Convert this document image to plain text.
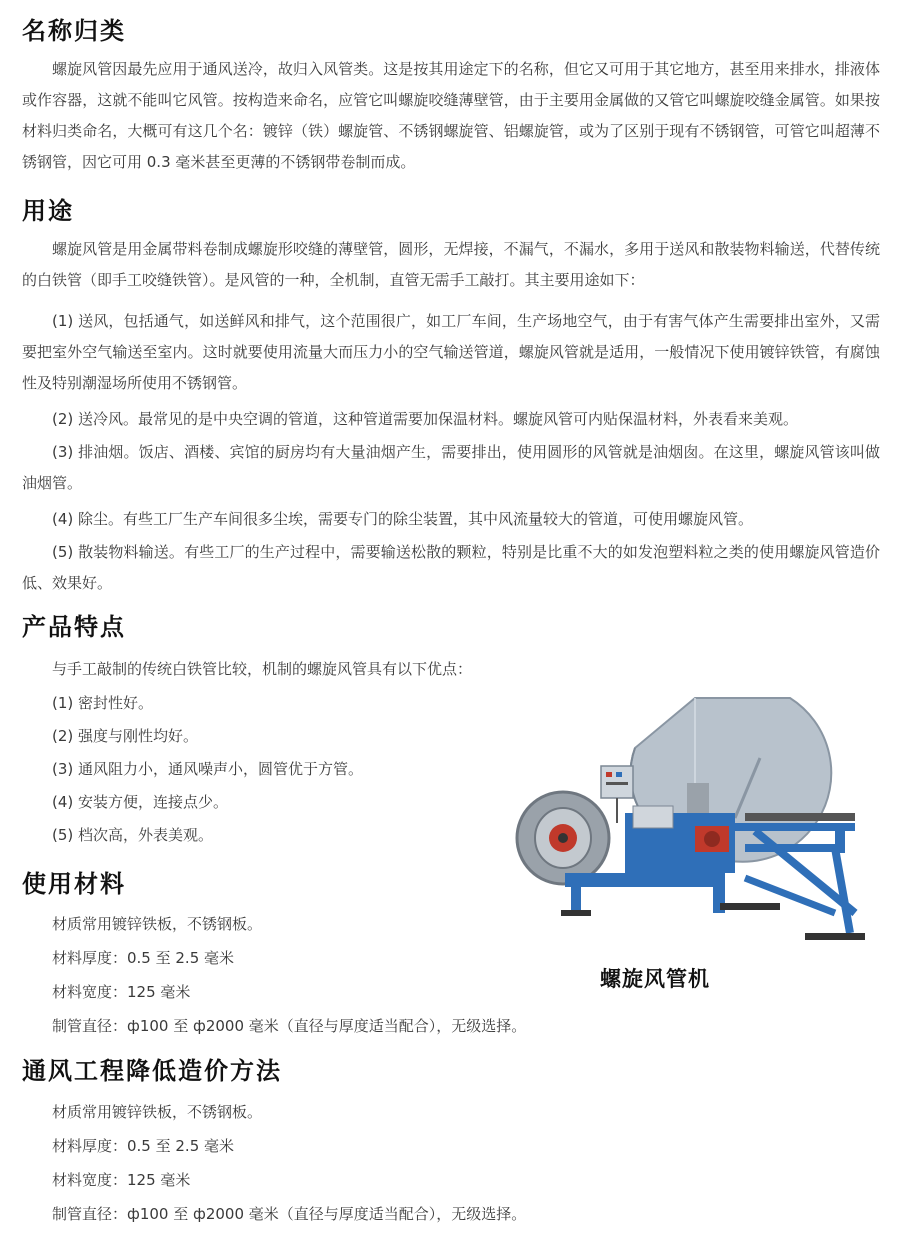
名称归类

螺旋风管因最先应用于通风送冷，故归入风管类。这是按其用途定下的名称，但它又可用于其它地方，甚至用来排水，排液体或作容器，这就不能叫它风管。按构造来命名，应管它叫螺旋咬缝薄壁管，由于主要用金属做的又管它叫螺旋咬缝金属管。如果按材料归类命名，大概可有这几个名：镀锌（铁）螺旋管、不锈钢螺旋管、铝螺旋管，或为了区别于现有不锈钢管，可管它叫超薄不锈钢管，因它可用 0.3 毫米甚至更薄的不锈钢带卷制而成。

用途

螺旋风管是用金属带料卷制成螺旋形咬缝的薄壁管，圆形，无焊接，不漏气，不漏水，多用于送风和散装物料输送，代替传统的白铁管（即手工咬缝铁管）。是风管的一种，全机制，直管无需手工敲打。其主要用途如下：

(1) 送风，包括通气，如送鲜风和排气，这个范围很广，如工厂车间，生产场地空气，由于有害气体产生需要排出室外，又需要把室外空气输送至室内。这时就要使用流量大而压力小的空气输送管道，螺旋风管就是适用，一般情况下使用镀锌铁管，有腐蚀性及特别潮湿场所使用不锈钢管。

(2) 送冷风。最常见的是中央空调的管道，这种管道需要加保温材料。螺旋风管可内贴保温材料，外表看来美观。

(3) 排油烟。饭店、酒楼、宾馆的厨房均有大量油烟产生，需要排出，使用圆形的风管就是油烟囱。在这里，螺旋风管该叫做油烟管。

(4) 除尘。有些工厂生产车间很多尘埃，需要专门的除尘装置，其中风流量较大的管道，可使用螺旋风管。

(5) 散装物料输送。有些工厂的生产过程中，需要输送松散的颗粒，特别是比重不大的如发泡塑料粒之类的使用螺旋风管造价低、效果好。

产品特点

与手工敲制的传统白铁管比较，机制的螺旋风管具有以下优点：

(1) 密封性好。

(2) 强度与刚性均好。

(3) 通风阻力小，通风噪声小，圆管优于方管。

(4) 安装方便，连接点少。

(5) 档次高，外表美观。

使用材料

材质常用镀锌铁板，不锈钢板。

材料厚度：0.5 至 2.5 毫米

材料宽度：125 毫米

制管直径：ф100 至 ф2000 毫米（直径与厚度适当配合），无级选择。

通风工程降低造价方法

材质常用镀锌铁板，不锈钢板。

材料厚度：0.5 至 2.5 毫米

材料宽度：125 毫米

制管直径：ф100 至 ф2000 毫米（直径与厚度适当配合），无级选择。

螺旋风管机
